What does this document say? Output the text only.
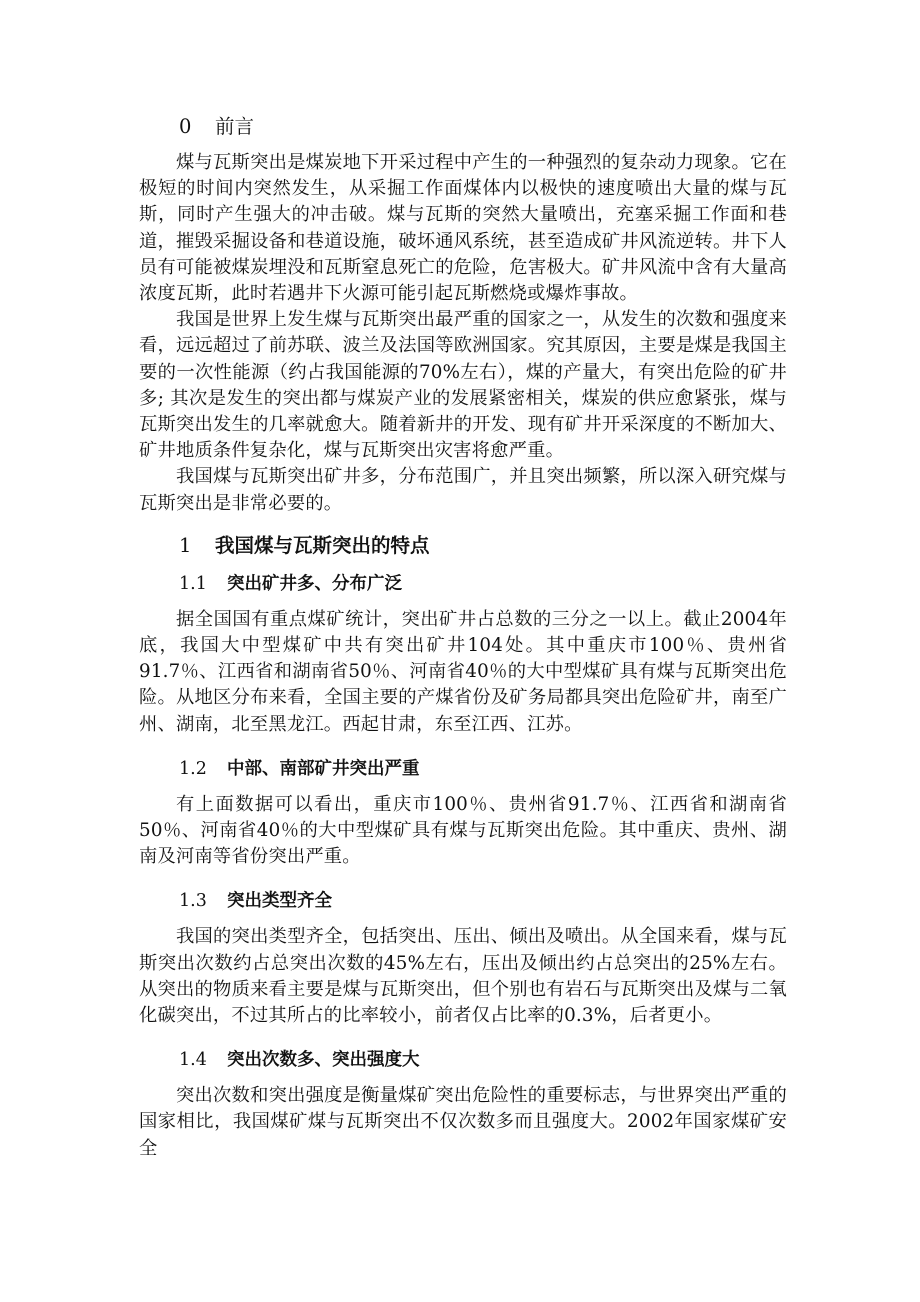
0 前言

煤与瓦斯突出是煤炭地下开采过程中产生的一种强烈的复杂动力现象。它在极短的时间内突然发生，从采掘工作面煤体内以极快的速度喷出大量的煤与瓦斯，同时产生强大的冲击破。煤与瓦斯的突然大量喷出，充塞采掘工作面和巷道，摧毁采掘设备和巷道设施，破坏通风系统，甚至造成矿井风流逆转。井下人员有可能被煤炭埋没和瓦斯窒息死亡的危险，危害极大。矿井风流中含有大量高浓度瓦斯，此时若遇井下火源可能引起瓦斯燃烧或爆炸事故。

我国是世界上发生煤与瓦斯突出最严重的国家之一，从发生的次数和强度来看，远远超过了前苏联、波兰及法国等欧洲国家。究其原因，主要是煤是我国主要的一次性能源（约占我国能源的70%左右），煤的产量大，有突出危险的矿井多; 其次是发生的突出都与煤炭产业的发展紧密相关，煤炭的供应愈紧张，煤与瓦斯突出发生的几率就愈大。随着新井的开发、现有矿井开采深度的不断加大、矿井地质条件复杂化，煤与瓦斯突出灾害将愈严重。

我国煤与瓦斯突出矿井多，分布范围广，并且突出频繁，所以深入研究煤与瓦斯突出是非常必要的。

1 我国煤与瓦斯突出的特点
1.1 突出矿井多、分布广泛

据全国国有重点煤矿统计，突出矿井占总数的三分之一以上。截止2004年底，我国大中型煤矿中共有突出矿井104处。其中重庆市100％、贵州省91.7％、江西省和湖南省50％、河南省40％的大中型煤矿具有煤与瓦斯突出危险。从地区分布来看，全国主要的产煤省份及矿务局都具突出危险矿井，南至广州、湖南，北至黑龙江。西起甘肃，东至江西、江苏。

1.2 中部、南部矿井突出严重

有上面数据可以看出，重庆市100％、贵州省91.7％、江西省和湖南省50％、河南省40％的大中型煤矿具有煤与瓦斯突出危险。其中重庆、贵州、湖南及河南等省份突出严重。

1.3 突出类型齐全

我国的突出类型齐全，包括突出、压出、倾出及喷出。从全国来看，煤与瓦斯突出次数约占总突出次数的45%左右，压出及倾出约占总突出的25%左右。从突出的物质来看主要是煤与瓦斯突出，但个别也有岩石与瓦斯突出及煤与二氧化碳突出，不过其所占的比率较小，前者仅占比率的0.3%，后者更小。

1.4 突出次数多、突出强度大

突出次数和突出强度是衡量煤矿突出危险性的重要标志，与世界突出严重的国家相比，我国煤矿煤与瓦斯突出不仅次数多而且强度大。2002年国家煤矿安全
